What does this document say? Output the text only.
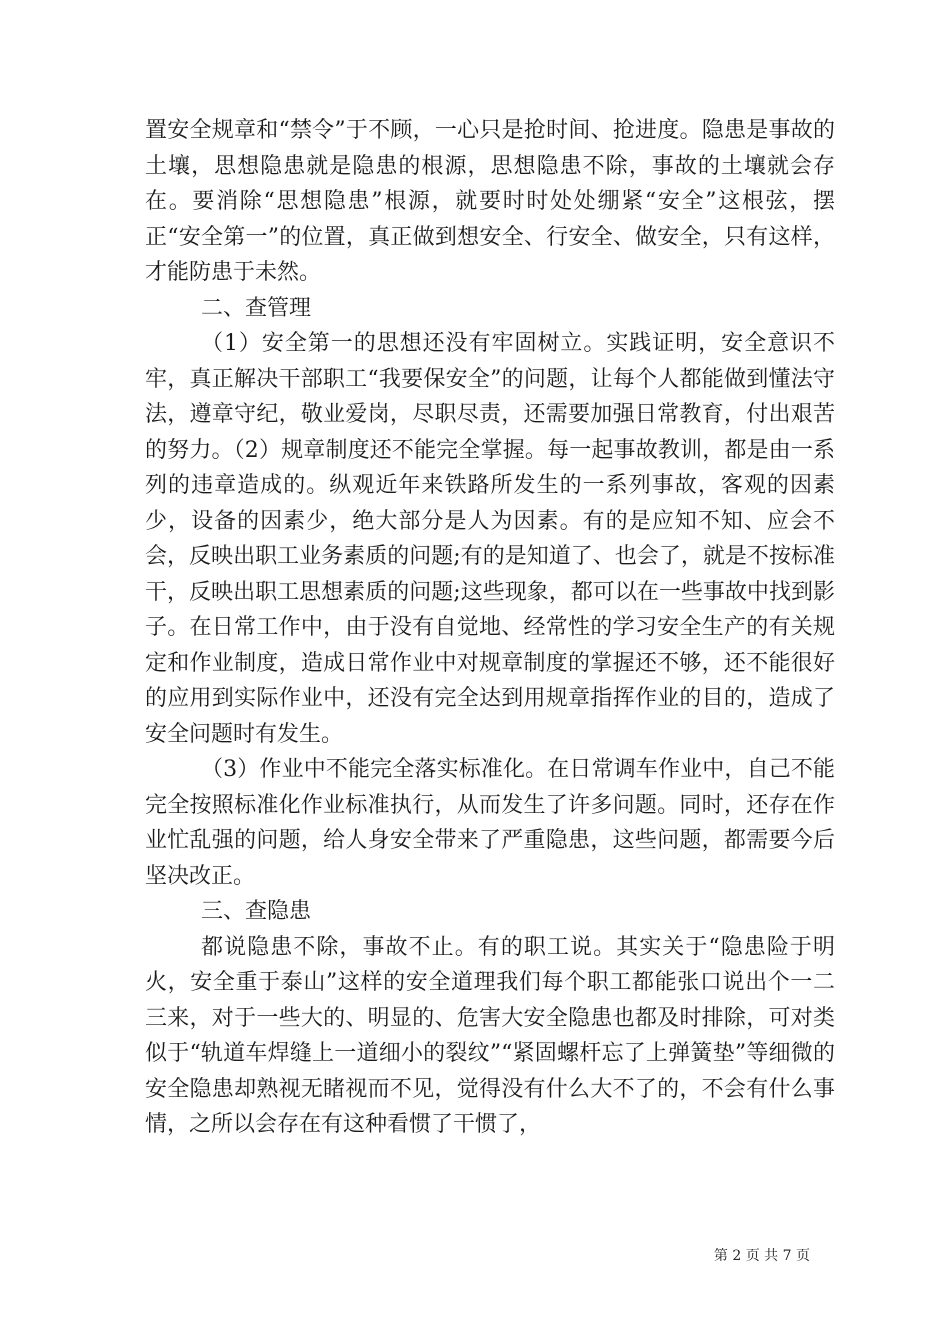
置安全规章和“禁令”于不顾，一心只是抢时间、抢进度。隐患是事故的土壤，思想隐患就是隐患的根源，思想隐患不除，事故的土壤就会存在。要消除“思想隐患”根源，就要时时处处绷紧“安全”这根弦，摆正“安全第一”的位置，真正做到想安全、行安全、做安全，只有这样，才能防患于未然。

二、查管理

（1）安全第一的思想还没有牢固树立。实践证明，安全意识不牢，真正解决干部职工“我要保安全”的问题，让每个人都能做到懂法守法，遵章守纪，敬业爱岗，尽职尽责，还需要加强日常教育，付出艰苦的努力。（2）规章制度还不能完全掌握。每一起事故教训，都是由一系列的违章造成的。纵观近年来铁路所发生的一系列事故，客观的因素少，设备的因素少，绝大部分是人为因素。有的是应知不知、应会不会，反映出职工业务素质的问题;有的是知道了、也会了，就是不按标准干，反映出职工思想素质的问题;这些现象，都可以在一些事故中找到影子。在日常工作中，由于没有自觉地、经常性的学习安全生产的有关规定和作业制度，造成日常作业中对规章制度的掌握还不够，还不能很好的应用到实际作业中，还没有完全达到用规章指挥作业的目的，造成了安全问题时有发生。

（3）作业中不能完全落实标准化。在日常调车作业中，自己不能完全按照标准化作业标准执行，从而发生了许多问题。同时，还存在作业忙乱强的问题，给人身安全带来了严重隐患，这些问题，都需要今后坚决改正。

三、查隐患

都说隐患不除，事故不止。有的职工说。其实关于“隐患险于明火，安全重于泰山”这样的安全道理我们每个职工都能张口说出个一二三来，对于一些大的、明显的、危害大安全隐患也都及时排除，可对类似于“轨道车焊缝上一道细小的裂纹”“紧固螺杆忘了上弹簧垫”等细微的安全隐患却熟视无睹视而不见，觉得没有什么大不了的，不会有什么事情，之所以会存在有这种看惯了干惯了，

第 2 页 共 7 页
